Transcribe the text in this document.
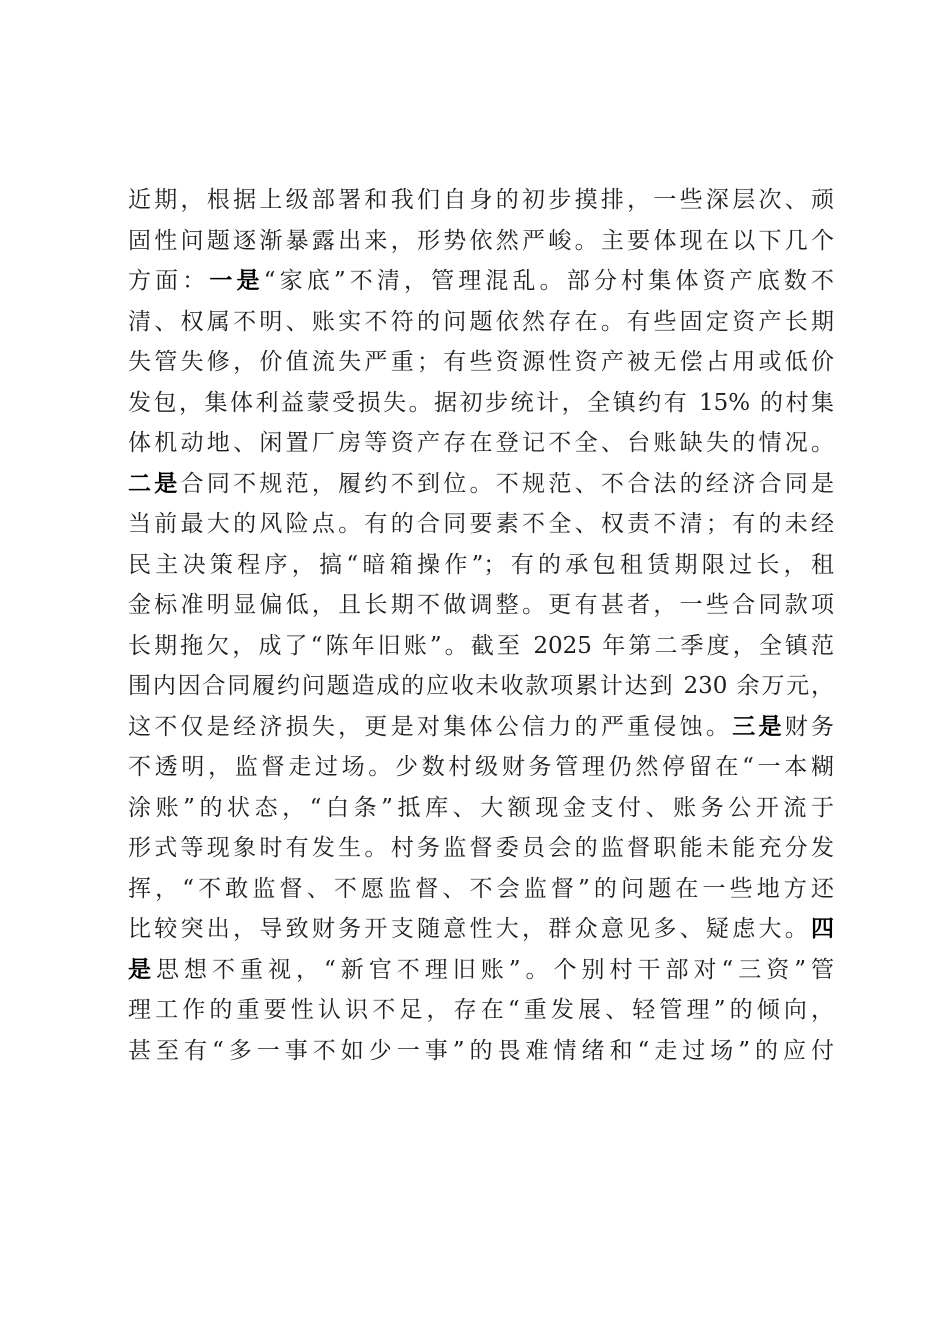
近期，根据上级部署和我们自身的初步摸排，一些深层次、顽
固性问题逐渐暴露出来，形势依然严峻。主要体现在以下几个
方面：一是“家底”不清，管理混乱。部分村集体资产底数不
清、权属不明、账实不符的问题依然存在。有些固定资产长期
失管失修，价值流失严重；有些资源性资产被无偿占用或低价
发包，集体利益蒙受损失。据初步统计，全镇约有 15% 的村集
体机动地、闲置厂房等资产存在登记不全、台账缺失的情况。
二是合同不规范，履约不到位。不规范、不合法的经济合同是
当前最大的风险点。有的合同要素不全、权责不清；有的未经
民主决策程序，搞“暗箱操作”；有的承包租赁期限过长，租
金标准明显偏低，且长期不做调整。更有甚者，一些合同款项
长期拖欠，成了“陈年旧账”。截至 2025 年第二季度，全镇范
围内因合同履约问题造成的应收未收款项累计达到 230 余万元，
这不仅是经济损失，更是对集体公信力的严重侵蚀。三是财务
不透明，监督走过场。少数村级财务管理仍然停留在“一本糊
涂账”的状态，“白条”抵库、大额现金支付、账务公开流于
形式等现象时有发生。村务监督委员会的监督职能未能充分发
挥，“不敢监督、不愿监督、不会监督”的问题在一些地方还
比较突出，导致财务开支随意性大，群众意见多、疑虑大。四
是思想不重视，“新官不理旧账”。个别村干部对“三资”管
理工作的重要性认识不足，存在“重发展、轻管理”的倾向，
甚至有“多一事不如少一事”的畏难情绪和“走过场”的应付
